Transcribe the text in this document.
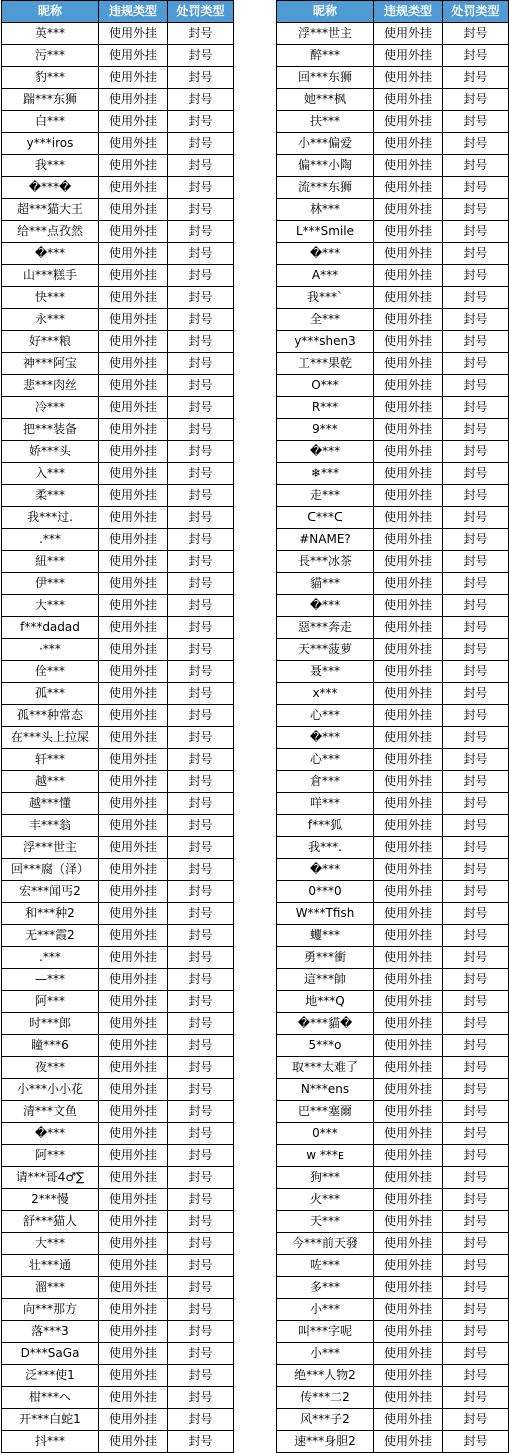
昵称	违规类型	处罚类型
英***	使用外挂	封号
污***	使用外挂	封号
豹***	使用外挂	封号
踹***东狮	使用外挂	封号
白***	使用外挂	封号
y***iros	使用外挂	封号
我***	使用外挂	封号
�***�	使用外挂	封号
超***猫大王	使用外挂	封号
给***点孜然	使用外挂	封号
�***	使用外挂	封号
山***糕手	使用外挂	封号
快***	使用外挂	封号
永***	使用外挂	封号
好***粮	使用外挂	封号
神***阿宝	使用外挂	封号
悲***肉丝	使用外挂	封号
冷***	使用外挂	封号
把***装备	使用外挂	封号
娇***头	使用外挂	封号
入***	使用外挂	封号
柔***	使用外挂	封号
我***过.	使用外挂	封号
.***	使用外挂	封号
紐***	使用外挂	封号
伊***	使用外挂	封号
大***	使用外挂	封号
f***dadad	使用外挂	封号
·***	使用外挂	封号
佺***	使用外挂	封号
孤***	使用外挂	封号
孤***种常态	使用外挂	封号
在***头上拉屎	使用外挂	封号
轩***	使用外挂	封号
越***	使用外挂	封号
越***懂	使用外挂	封号
丰***翁	使用外挂	封号
浮***世主	使用外挂	封号
回***腐（泽）	使用外挂	封号
宏***闻丐2	使用外挂	封号
和***种2	使用外挂	封号
无***霞2	使用外挂	封号
.***	使用外挂	封号
—***	使用外挂	封号
阿***	使用外挂	封号
时***郎	使用外挂	封号
瞳***6	使用外挂	封号
夜***	使用外挂	封号
小***小小花	使用外挂	封号
清***文鱼	使用外挂	封号
�***	使用外挂	封号
阿***	使用外挂	封号
请***哥4♂∑	使用外挂	封号
2***慢	使用外挂	封号
舒***猫人	使用外挂	封号
大***	使用外挂	封号
壮***通	使用外挂	封号
溜***	使用外挂	封号
向***那方	使用外挂	封号
落***3	使用外挂	封号
D***SaGa	使用外挂	封号
泛***使1	使用外挂	封号
柑***へ	使用外挂	封号
开***白蛇1	使用外挂	封号
抖***	使用外挂	封号
昵称	违规类型	处罚类型
浮***世主	使用外挂	封号
醉***	使用外挂	封号
回***东狮	使用外挂	封号
她***枫	使用外挂	封号
扶***	使用外挂	封号
小***偏爱	使用外挂	封号
偏***小陶	使用外挂	封号
流***东狮	使用外挂	封号
林***	使用外挂	封号
L***Smile	使用外挂	封号
�***	使用外挂	封号
A***	使用外挂	封号
我***`	使用外挂	封号
全***	使用外挂	封号
y***shen3	使用外挂	封号
工***果乾	使用外挂	封号
O***	使用外挂	封号
R***	使用外挂	封号
9***	使用外挂	封号
�***	使用外挂	封号
❄***	使用外挂	封号
走***	使用外挂	封号
ᑕ***ᑕ	使用外挂	封号
#NAME?	使用外挂	封号
長***冰茶	使用外挂	封号
貓***	使用外挂	封号
�***	使用外挂	封号
惡***奔走	使用外挂	封号
天***菠萝	使用外挂	封号
聂***	使用外挂	封号
x***	使用外挂	封号
心***	使用外挂	封号
�***	使用外挂	封号
心***	使用外挂	封号
倉***	使用外挂	封号
咩***	使用外挂	封号
f***狐	使用外挂	封号
我***.	使用外挂	封号
�***	使用外挂	封号
0***0	使用外挂	封号
W***Tfish	使用外挂	封号
蠼***	使用外挂	封号
勇***衝	使用外挂	封号
這***帥	使用外挂	封号
地***Q	使用外挂	封号
�***貓�	使用外挂	封号
5***o	使用外挂	封号
取***太难了	使用外挂	封号
N***ens	使用外挂	封号
巴***塞爾	使用外挂	封号
0***	使用外挂	封号
w ***ᴇ	使用外挂	封号
狗***	使用外挂	封号
火***	使用外挂	封号
天***	使用外挂	封号
今***前天發	使用外挂	封号
咗***	使用外挂	封号
多***	使用外挂	封号
小***	使用外挂	封号
叫***字呢	使用外挂	封号
小***	使用外挂	封号
绝***人物2	使用外挂	封号
传***二2	使用外挂	封号
风***子2	使用外挂	封号
速***身胆2	使用外挂	封号
